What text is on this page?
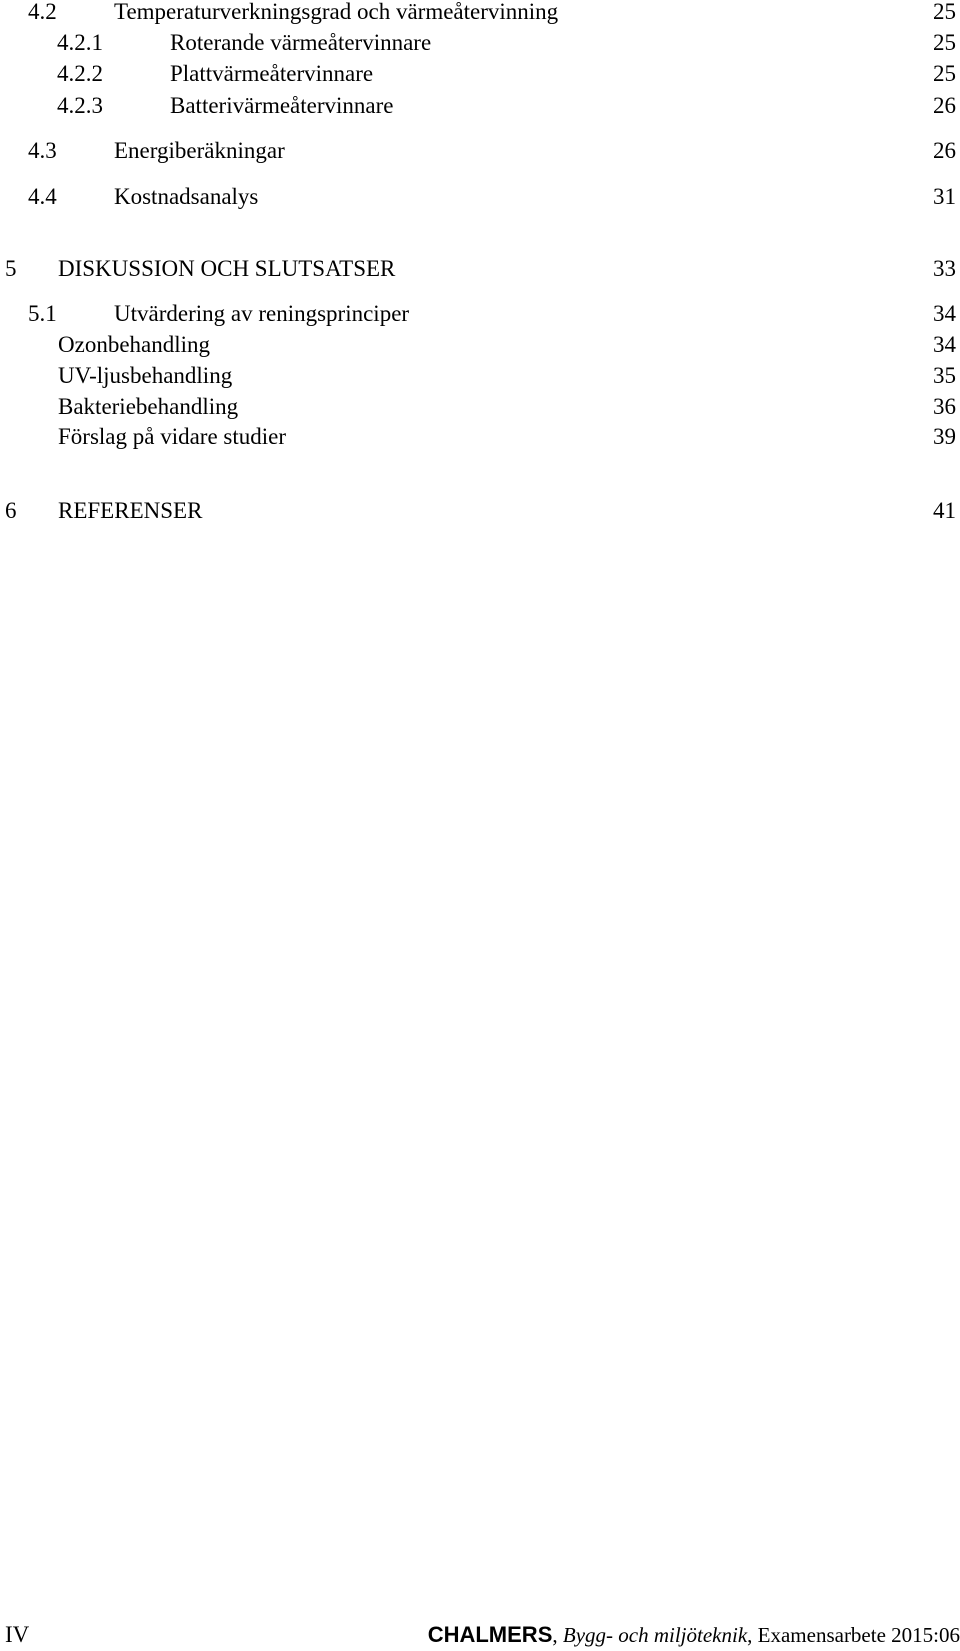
4.2 Temperaturverkningsgrad och värmeåtervinning	25
4.2.1	Roterande värmeåtervinnare	25
4.2.2	Plattvärmeåtervinnare	25
4.2.3	Batterivärmeåtervinnare	26
4.3 Energiberäkningar	26
4.4 Kostnadsanalys	31
5 DISKUSSION OCH SLUTSATSER	33
5.1 Utvärdering av reningsprinciper	34
Ozonbehandling	34
UV-ljusbehandling	35
Bakteriebehandling	36
Förslag på vidare studier	39
6 REFERENSER	41
IV	CHALMERS, Bygg- och miljöteknik, Examensarbete 2015:06
